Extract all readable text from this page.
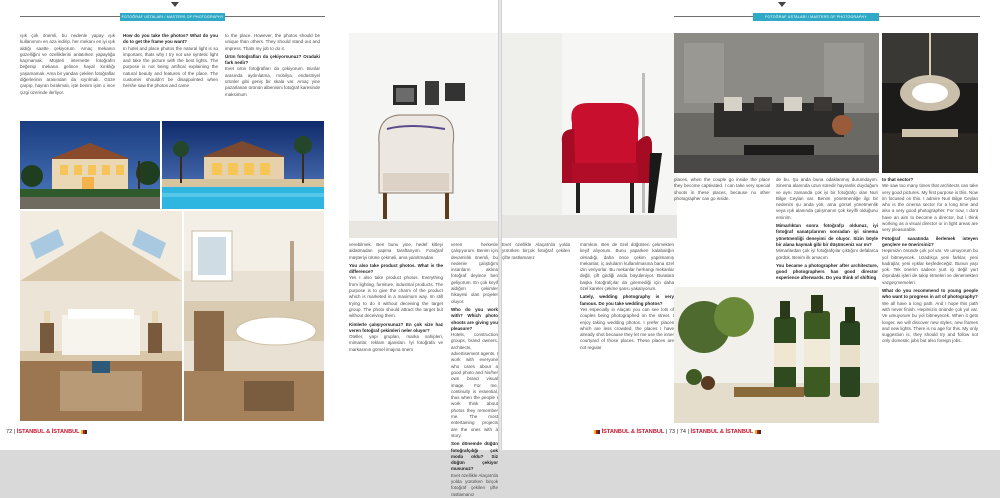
FOTOĞRAF USTALARI / MASTERS OF PHOTOGRAPHY

ışık çok önemli, bu nedenle yapay ışık kullanımını en aza indirip, her mekanı en iyi ışık aldığı saatte çekiyorum. Amaç mekanın güzelliğini ve özelliklerini anlatırken yapaylığa kaçmamak. Müşteri internette fotoğrafın beğenip mekana gelince hayal kırıklığı yaşamamalı. Ama bir yandan çekilen fotoğraflar diğerlerinin arasından da sıyrılmalı. Göze çarpıp, hayran bırakmalı, işte benim işim o ince çizgi üzerinde ilerliyor.

How do you take the photos? What do you do to get the frame you want?
In hotel and place photos the natural light is so important, thats why I try not use syntetic light and take the picture with the best lights. The purpose is not being artifical explaining the natural beauty and features of the place. The customer shouldn't be disappointed when he/she saw the photos and came

to the place. However, the photos should be unique than others. They should stand out and impress. Thats my job to do it.

Ürün fotoğrafları da çekiyorsunuz? Oradaki fark nedir?
Evet ürün fotoğrafları da çekiyorum. Bunlar arasında aydınlatma, mobilya, endüstriyel ürünler gibi geniş bir skala var. Amaç yine pazarlanan ürünün albenisini fotoğraf karesinde maksimum

72 | İSTANBUL & İSTANBUL

verebilmek. Ben bunu yine, hedef kitleyi aldatmadan yapma taraftarıyım. Fotoğraf müşteriyi ürüne çekmeli, ama yanıltmadan.

You also take product photos. What is the difference?
Yes I also take product photos. Everything from lighting, furniture, industrial products. The purpose is to give the charm of the product which is marketed in a maximum way. Im still trying to do it without deceiving the target group. The photo should attract the target but without deceiving them.

Kimlerle çalışıyorsunuz? En çok size haz veren fotoğraf çekimleri neler oluyor?
Oteller, yapı grupları, marka sahipleri, mimarlar, reklam ajansları. İyi fotoğrafa ve markasının görsel imajına önem

veren herkesle çalışıyorum. Benim için devamlılık önemli, bu nedenle çalıştığım insanların aklına fotoğraf deyince ben geliyorum. En çok keyif aldığım çekimler hikayesi olan projeler oluyor.

Who do you work with? Which photo shoots are giving you pleasure?
Hotels, construction groups, brand owners, architects, advertisement agents. I work with everyone who cares about a good photo and his/her own brand visual image. For me, continuity is essential, thus when the people I work think about photos they remember me. The most entertaining projects are the ones with a story.

Son dönemde düğün fotoğrafçılığı çok moda oldu? Siz düğün çekiyor musunuz?
Evet özellikle Alaçatı'da yolda yürürken birçok fotoğraf çekilen çifte rastlamanız

Evet özellikle Alaçatı'da yolda yürürken birçok fotoğraf çekilen çifte rastlamanız

mümkün. Ben de özel düğünleri çekmekten keyif alıyorum. Bunu yaparken kalabalığın olmadığı, daha önce çekim yapılmamış mekanlar, iç avluların kullanılmasına bana özel izin veriyorlar. Bu mekanlar herhangi mekanlar değil, çift girdiği anda büyüleniyor. Buralara başka fotoğrafçılar da giremediği için daha özel kareler çekme şansı yakalıyorum.

Lately, wedding photography is very famous. Do you take wedding photos?
Yes especially in Alaçatı you can see lots of couples being photographed on the street. I enjoy taking wedding photos. I prefer places which are less crowded, the places I have already shot because they let me use the inner courtyard of those places. These places are not regular

İSTANBUL & İSTANBUL | 73 | 74 | İSTANBUL & İSTANBUL
FOTOĞRAF USTALARI / MASTERS OF PHOTOGRAPHY

places, when the couple go inside the place they become captivated. I can take very special shoots in these places, because no other photographer can go inside.

de bu. Şu anda buna odaklanmış durumdayım. Sinema alanında uzun süredir hayranlık duyduğum ve aynı zamanda çok iyi bir fotoğrafçı olan Nuri Bilge Ceylan var. Benim yönetmenliğe ilgi bir nedenim şu anda yok, ama görsel yönetmenlik veya ışık alanında çalışmanın çok keyifli olduğunu eminim.

Mimarlıktan sonra fotoğrafçı oldunuz, iyi fotoğraf sanatçılarının sonradan iyi sinema yönetmenliği deneyimi de oluyor. Sizin böyle bir alana kaymak gibi bir düşünceniz var mı?
Mimarlardan çok iyi fotoğrafçılar çıktığını defalarca gördük. Benim ilk amacım

You became a photographer after architecture, good photographers has good director experience afterwards. Do you think of shifting

to that sector?
We saw too many times that architects can take very good pictures. My first purpose is this. Now im focused on this. I admire Nuri Bilge Ceylan who is the cinema sector for a long time and also a very good photographer. For now, I dont have an aim to become a director, but i think working as a visual director or in light areas are very pleasurable.

Fotoğraf sanatında ilerlemek isteyen gençlere ne önerirsiniz?
Hepimizin önünde çok yol var. Ve umuyorum bu yol bitmeyecek. Uzadıkça yeni farklar, yeni kadrajlar, yeni ışıklar keşfedeceğiz. Bunun yaşı yok. Tek önerim sadece yurt içi değil yurt dışındaki işleri de takip etmeleri ve denemekten vazgeçmemeleri.

What do you recommend to young people who want to progress in art of photography?
We all have a long path. And I hope this path with never finish. Hepimizin önünde çok yol var. Ve umuyorum bu yol bitmeyecek. When it gets longer, we will discover new styles, new frames and new lights. There is no age for this. My only suggestion is, they should try and follow not only domestic jobs but also foreign jobs.
